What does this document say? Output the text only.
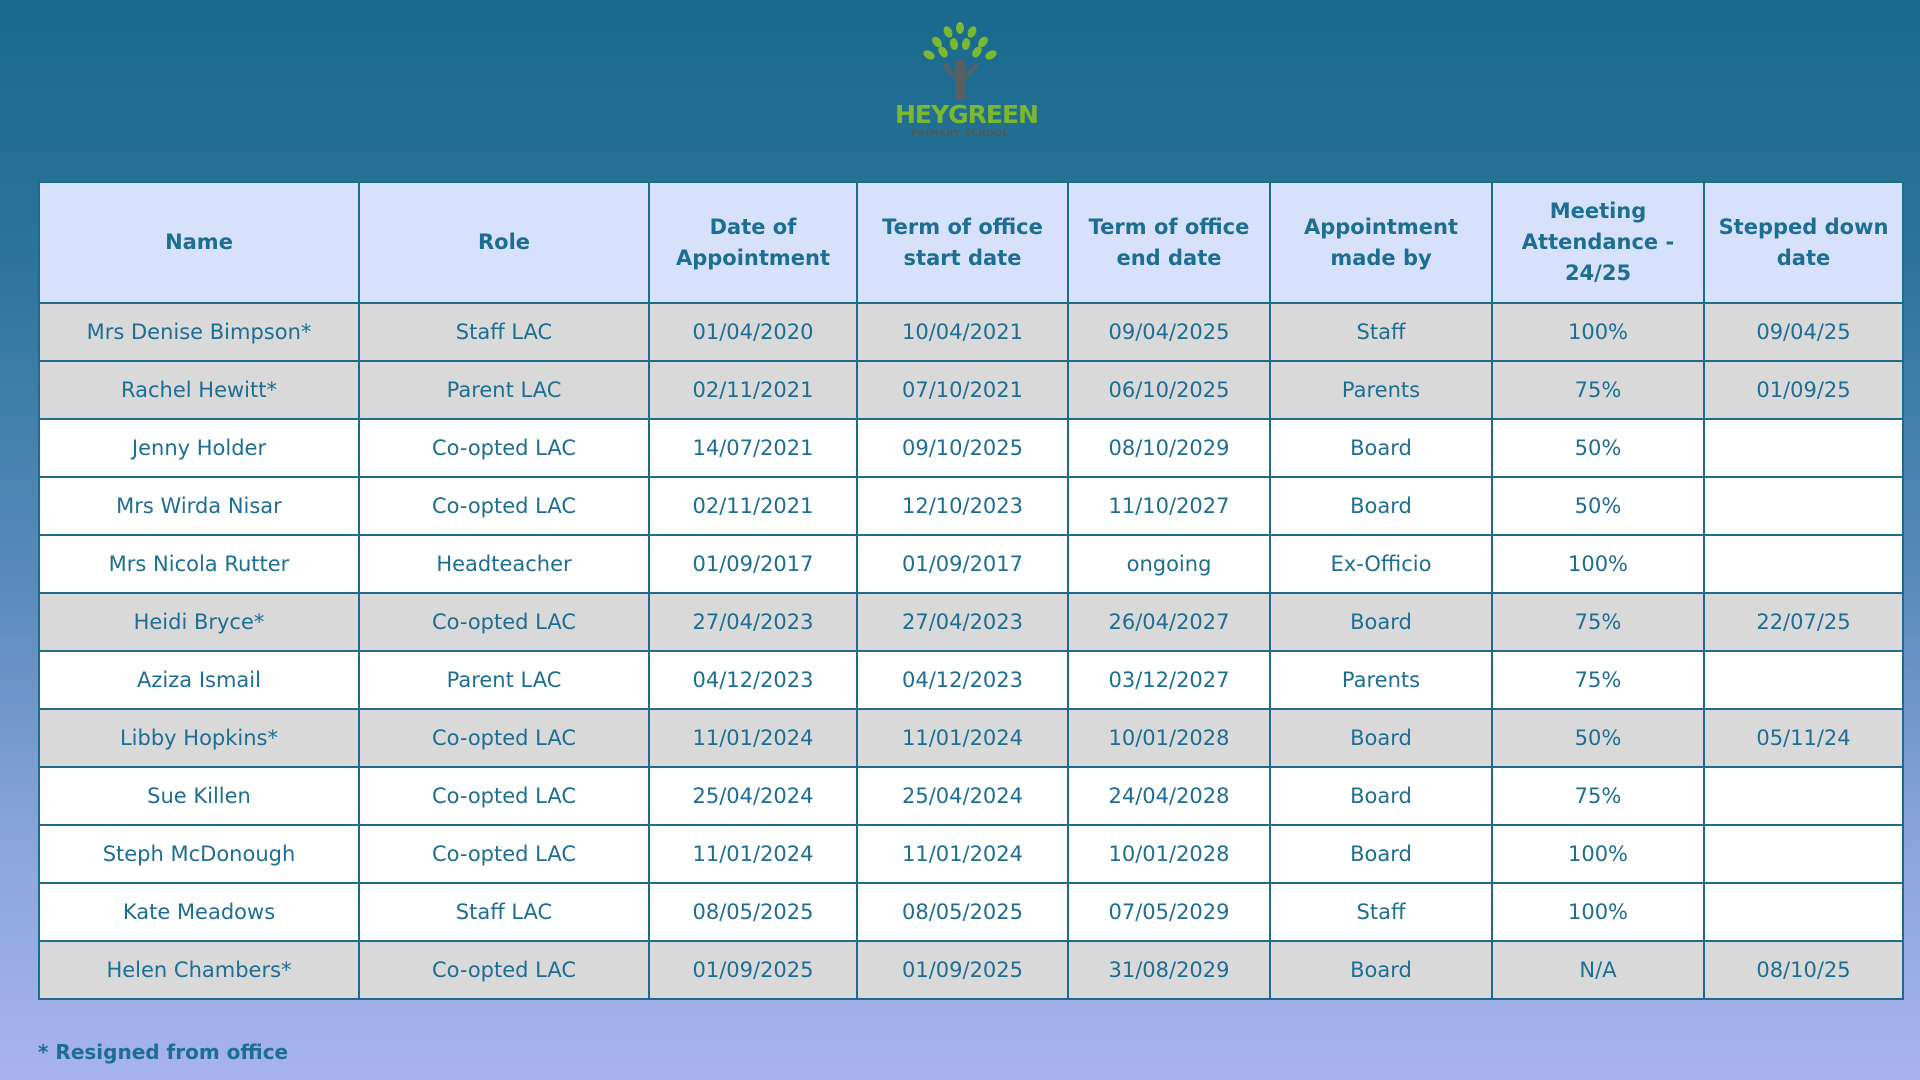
HEYGREEN
PRIMARY SCHOOL
Name	Role	Date of Appointment	Term of office start date	Term of office end date	Appointment made by	Meeting Attendance - 24/25	Stepped down date
Mrs Denise Bimpson*	Staff LAC	01/04/2020	10/04/2021	09/04/2025	Staff	100%	09/04/25
Rachel Hewitt*	Parent LAC	02/11/2021	07/10/2021	06/10/2025	Parents	75%	01/09/25
Jenny Holder	Co-opted LAC	14/07/2021	09/10/2025	08/10/2029	Board	50%	
Mrs Wirda Nisar	Co-opted LAC	02/11/2021	12/10/2023	11/10/2027	Board	50%	
Mrs Nicola Rutter	Headteacher	01/09/2017	01/09/2017	ongoing	Ex-Officio	100%	
Heidi Bryce*	Co-opted LAC	27/04/2023	27/04/2023	26/04/2027	Board	75%	22/07/25
Aziza Ismail	Parent LAC	04/12/2023	04/12/2023	03/12/2027	Parents	75%	
Libby Hopkins*	Co-opted LAC	11/01/2024	11/01/2024	10/01/2028	Board	50%	05/11/24
Sue Killen	Co-opted LAC	25/04/2024	25/04/2024	24/04/2028	Board	75%	
Steph McDonough	Co-opted LAC	11/01/2024	11/01/2024	10/01/2028	Board	100%	
Kate Meadows	Staff LAC	08/05/2025	08/05/2025	07/05/2029	Staff	100%	
Helen Chambers*	Co-opted LAC	01/09/2025	01/09/2025	31/08/2029	Board	N/A	08/10/25
* Resigned from office
